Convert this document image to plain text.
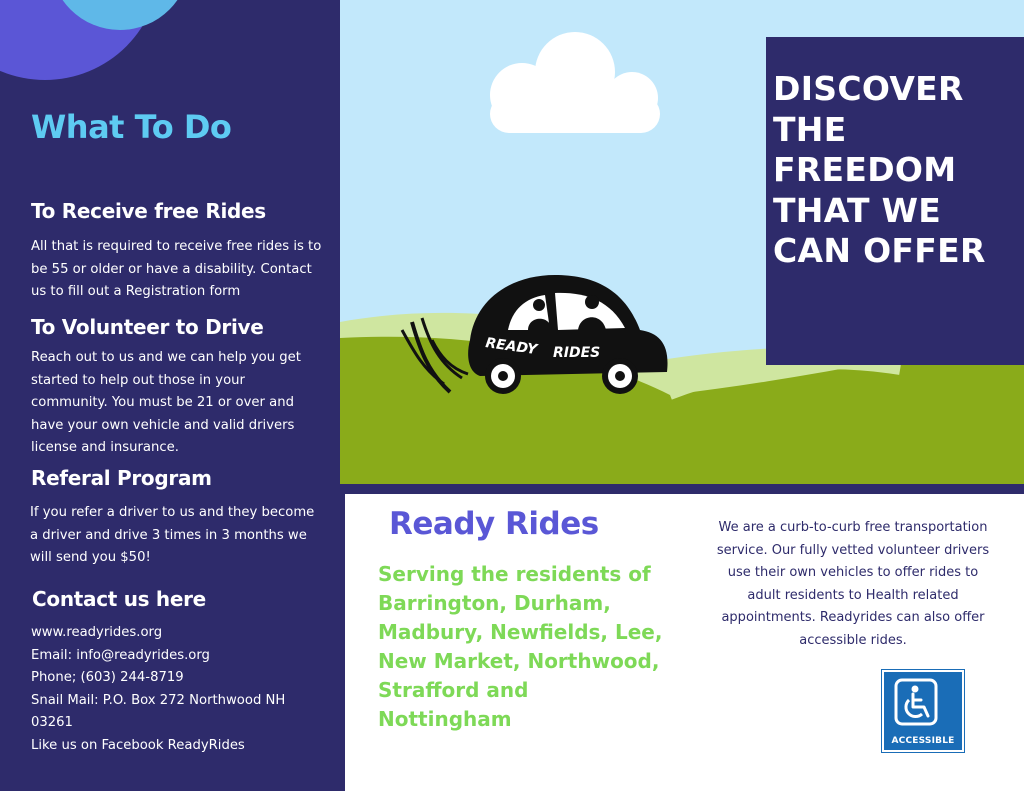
What To Do
To Receive free Rides
All that is required to receive free rides is to be 55 or older or have a disability. Contact us to fill out a Registration form
To Volunteer to Drive
Reach out to us and we can help you get started to help out those in your community. You must be 21 or over and have your own vehicle and valid drivers license and insurance.
Referal Program
If you refer a driver to us and they become a driver and drive 3 times in 3 months we will send you $50!
Contact us here
www.readyrides.org
Email: info@readyrides.org
Phone; (603) 244-8719
Snail Mail: P.O. Box 272 Northwood NH
03261
Like us on Facebook ReadyRides
READY RIDES
DISCOVER
THE
FREEDOM
THAT WE
CAN OFFER
Ready Rides
Serving the residents of Barrington, Durham, Madbury, Newfields, Lee, New Market, Northwood, Strafford and Nottingham
We are a curb-to-curb free transportation service. Our fully vetted volunteer drivers use their own vehicles to offer rides to adult residents to Health related appointments. Readyrides can also offer accessible rides.
ACCESSIBLE
